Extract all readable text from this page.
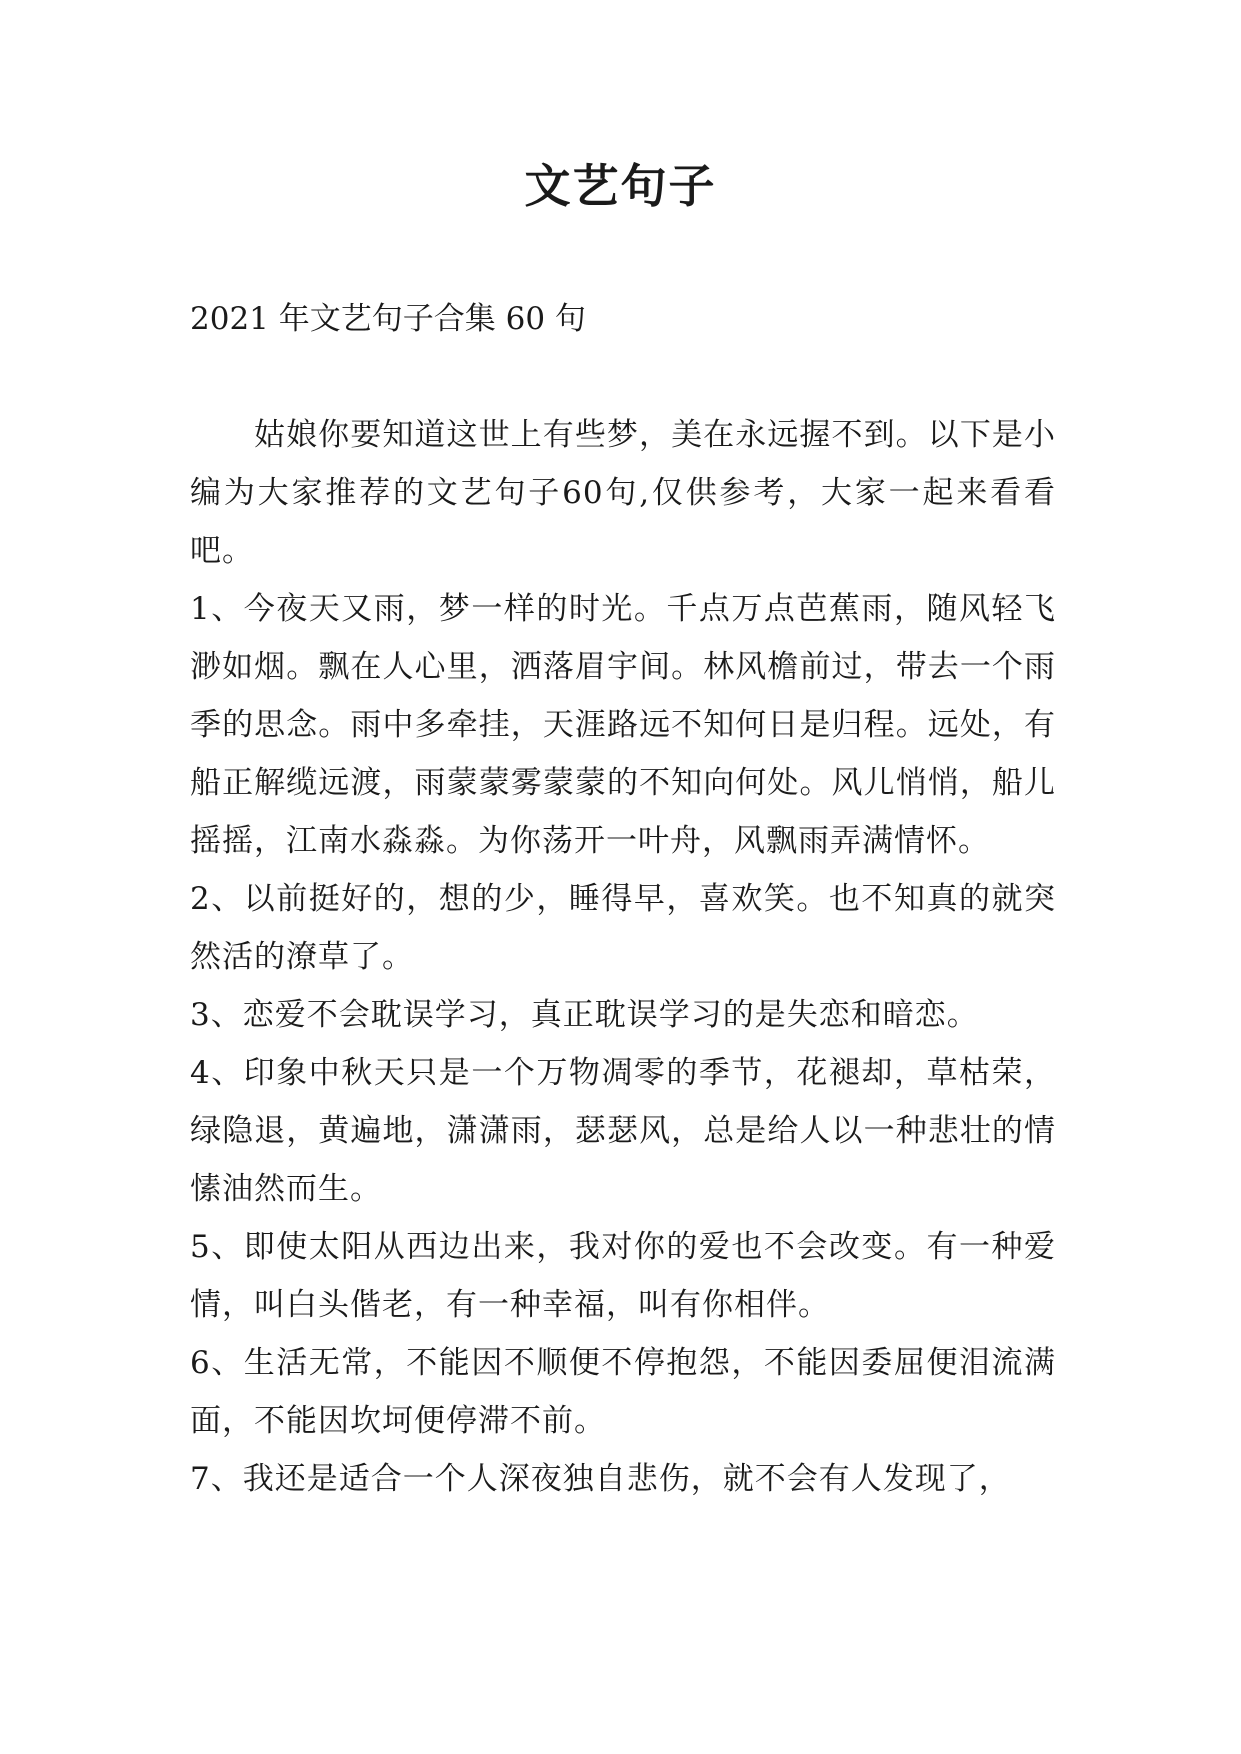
文艺句子

2021 年文艺句子合集 60 句

姑娘你要知道这世上有些梦，美在永远握不到。以下是小编为大家推荐的文艺句子60句,仅供参考，大家一起来看看吧。

1、今夜天又雨，梦一样的时光。千点万点芭蕉雨，随风轻飞渺如烟。飘在人心里，洒落眉宇间。林风檐前过，带去一个雨季的思念。雨中多牵挂，天涯路远不知何日是归程。远处，有船正解缆远渡，雨蒙蒙雾蒙蒙的不知向何处。风儿悄悄，船儿摇摇，江南水淼淼。为你荡开一叶舟，风飘雨弄满情怀。

2、以前挺好的，想的少，睡得早，喜欢笑。也不知真的就突然活的潦草了。

3、恋爱不会耽误学习，真正耽误学习的是失恋和暗恋。

4、印象中秋天只是一个万物凋零的季节，花褪却，草枯荣，绿隐退，黄遍地，潇潇雨，瑟瑟风，总是给人以一种悲壮的情愫油然而生。

5、即使太阳从西边出来，我对你的爱也不会改变。有一种爱情，叫白头偕老，有一种幸福，叫有你相伴。

6、生活无常，不能因不顺便不停抱怨，不能因委屈便泪流满面，不能因坎坷便停滞不前。

7、我还是适合一个人深夜独自悲伤，就不会有人发现了，
